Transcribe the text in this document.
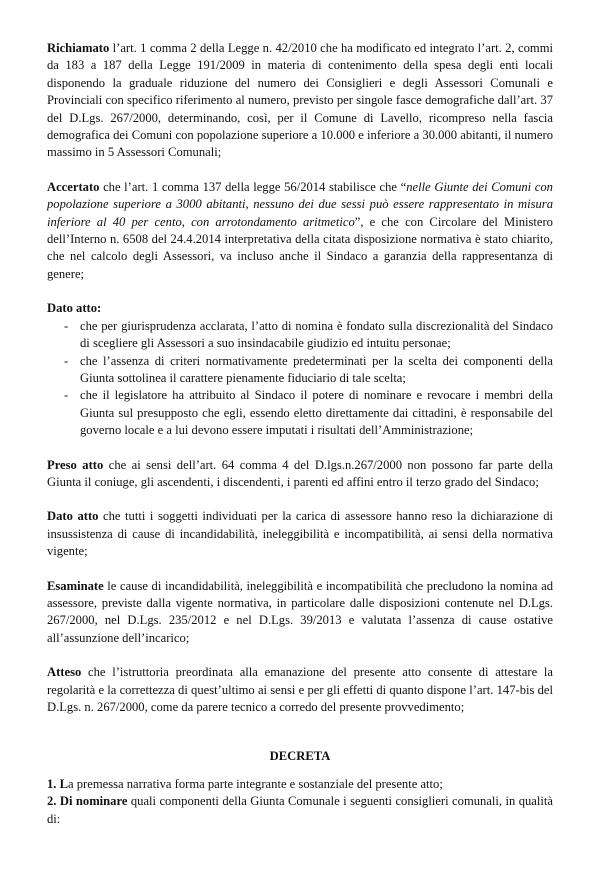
Richiamato l’art. 1 comma 2 della Legge n. 42/2010 che ha modificato ed integrato l’art. 2, commi da 183 a 187 della Legge 191/2009 in materia di contenimento della spesa degli enti locali disponendo la graduale riduzione del numero dei Consiglieri e degli Assessori Comunali e Provinciali con specifico riferimento al numero, previsto per singole fasce demografiche dall’art. 37 del D.Lgs. 267/2000, determinando, così, per il Comune di Lavello, ricompreso nella fascia demografica dei Comuni con popolazione superiore a 10.000 e inferiore a 30.000 abitanti, il numero massimo in 5 Assessori Comunali;

Accertato che l’art. 1 comma 137 della legge 56/2014 stabilisce che “nelle Giunte dei Comuni con popolazione superiore a 3000 abitanti, nessuno dei due sessi può essere rappresentato in misura inferiore al 40 per cento, con arrotondamento aritmetico”, e che con Circolare del Ministero dell’Interno n. 6508 del 24.4.2014 interpretativa della citata disposizione normativa è stato chiarito, che nel calcolo degli Assessori, va incluso anche il Sindaco a garanzia della rappresentanza di genere;

Dato atto:

- che per giurisprudenza acclarata, l’atto di nomina è fondato sulla discrezionalità del Sindaco di scegliere gli Assessori a suo insindacabile giudizio ed intuitu personae;
- che l’assenza di criteri normativamente predeterminati per la scelta dei componenti della Giunta sottolinea il carattere pienamente fiduciario di tale scelta;
- che il legislatore ha attribuito al Sindaco il potere di nominare e revocare i membri della Giunta sul presupposto che egli, essendo eletto direttamente dai cittadini, è responsabile del governo locale e a lui devono essere imputati i risultati dell’Amministrazione;

Preso atto che ai sensi dell’art. 64 comma 4 del D.lgs.n.267/2000 non possono far parte della Giunta il coniuge, gli ascendenti, i discendenti, i parenti ed affini entro il terzo grado del Sindaco;

Dato atto che tutti i soggetti individuati per la carica di assessore hanno reso la dichiarazione di insussistenza di cause di incandidabilità, ineleggibilità e incompatibilità, ai sensi della normativa vigente;

Esaminate le cause di incandidabilità, ineleggibilità e incompatibilità che precludono la nomina ad assessore, previste dalla vigente normativa, in particolare dalle disposizioni contenute nel D.Lgs. 267/2000, nel D.Lgs. 235/2012 e nel D.Lgs. 39/2013 e valutata l’assenza di cause ostative all’assunzione dell’incarico;

Atteso che l’istruttoria preordinata alla emanazione del presente atto consente di attestare la regolarità e la correttezza di quest’ultimo ai sensi e per gli effetti di quanto dispone l’art. 147-bis del D.Lgs. n. 267/2000, come da parere tecnico a corredo del presente provvedimento;

DECRETA

1. La premessa narrativa forma parte integrante e sostanziale del presente atto;

2. Di nominare quali componenti della Giunta Comunale i seguenti consiglieri comunali, in qualità di:
